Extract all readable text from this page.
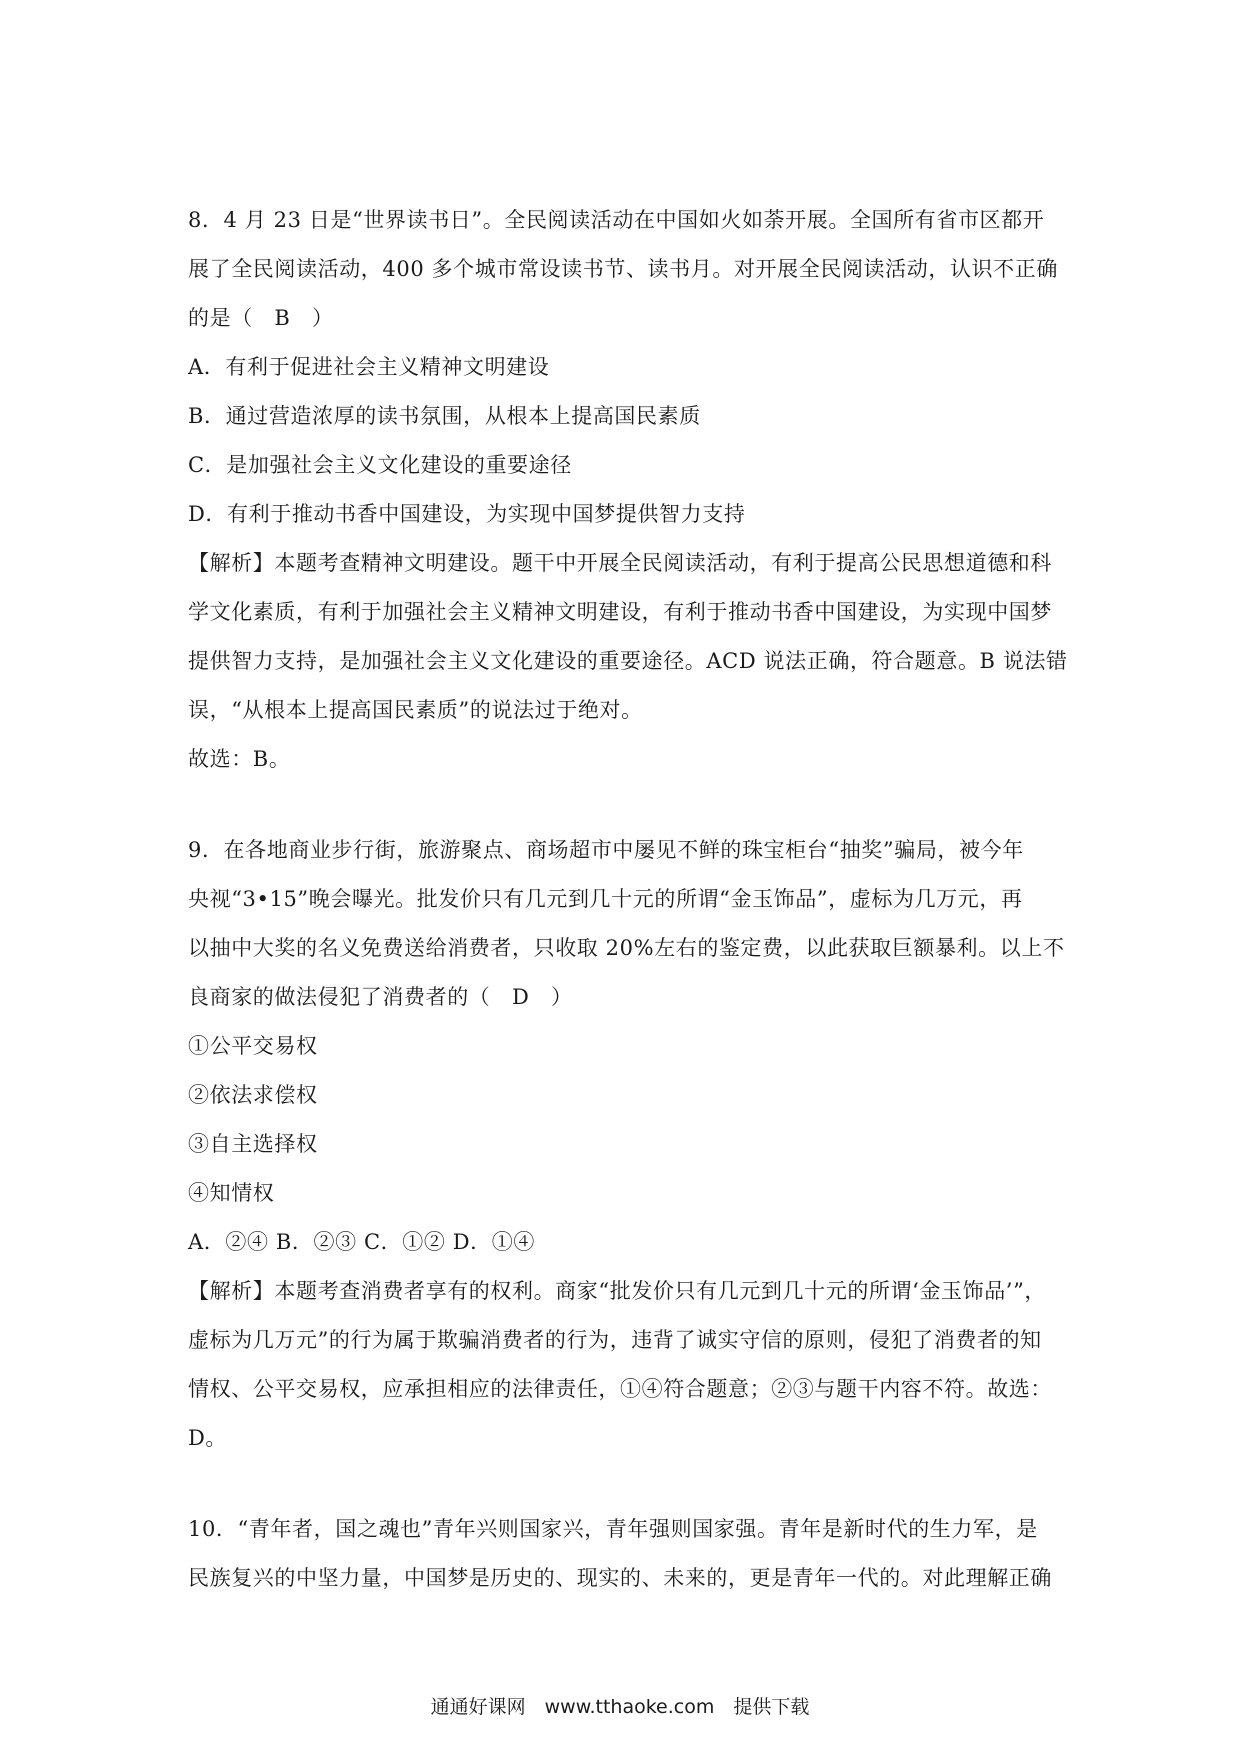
8．4 月 23 日是“世界读书日”。全民阅读活动在中国如火如荼开展。全国所有省市区都开
展了全民阅读活动，400 多个城市常设读书节、读书月。对开展全民阅读活动，认识不正确
的是（　B　）
A．有利于促进社会主义精神文明建设
B．通过营造浓厚的读书氛围，从根本上提高国民素质
C．是加强社会主义文化建设的重要途径
D．有利于推动书香中国建设，为实现中国梦提供智力支持
【解析】本题考查精神文明建设。题干中开展全民阅读活动，有利于提高公民思想道德和科
学文化素质，有利于加强社会主义精神文明建设，有利于推动书香中国建设，为实现中国梦
提供智力支持，是加强社会主义文化建设的重要途径。ACD 说法正确，符合题意。B 说法错
误，“从根本上提高国民素质”的说法过于绝对。
故选：B。
9．在各地商业步行街，旅游聚点、商场超市中屡见不鲜的珠宝柜台“抽奖”骗局，被今年
央视“3•15”晚会曝光。批发价只有几元到几十元的所谓“金玉饰品”，虚标为几万元，再
以抽中大奖的名义免费送给消费者，只收取 20%左右的鉴定费，以此获取巨额暴利。以上不
良商家的做法侵犯了消费者的（　D　）
①公平交易权
②依法求偿权
③自主选择权
④知情权
A．②④ B．②③ C．①② D．①④
【解析】本题考查消费者享有的权利。商家“批发价只有几元到几十元的所谓‘金玉饰品’”，
虚标为几万元”的行为属于欺骗消费者的行为，违背了诚实守信的原则，侵犯了消费者的知
情权、公平交易权，应承担相应的法律责任，①④符合题意；②③与题干内容不符。故选：
D。
10．“青年者，国之魂也”青年兴则国家兴，青年强则国家强。青年是新时代的生力军，是
民族复兴的中坚力量，中国梦是历史的、现实的、未来的，更是青年一代的。对此理解正确
通通好课网　www.tthaoke.com　提供下载
